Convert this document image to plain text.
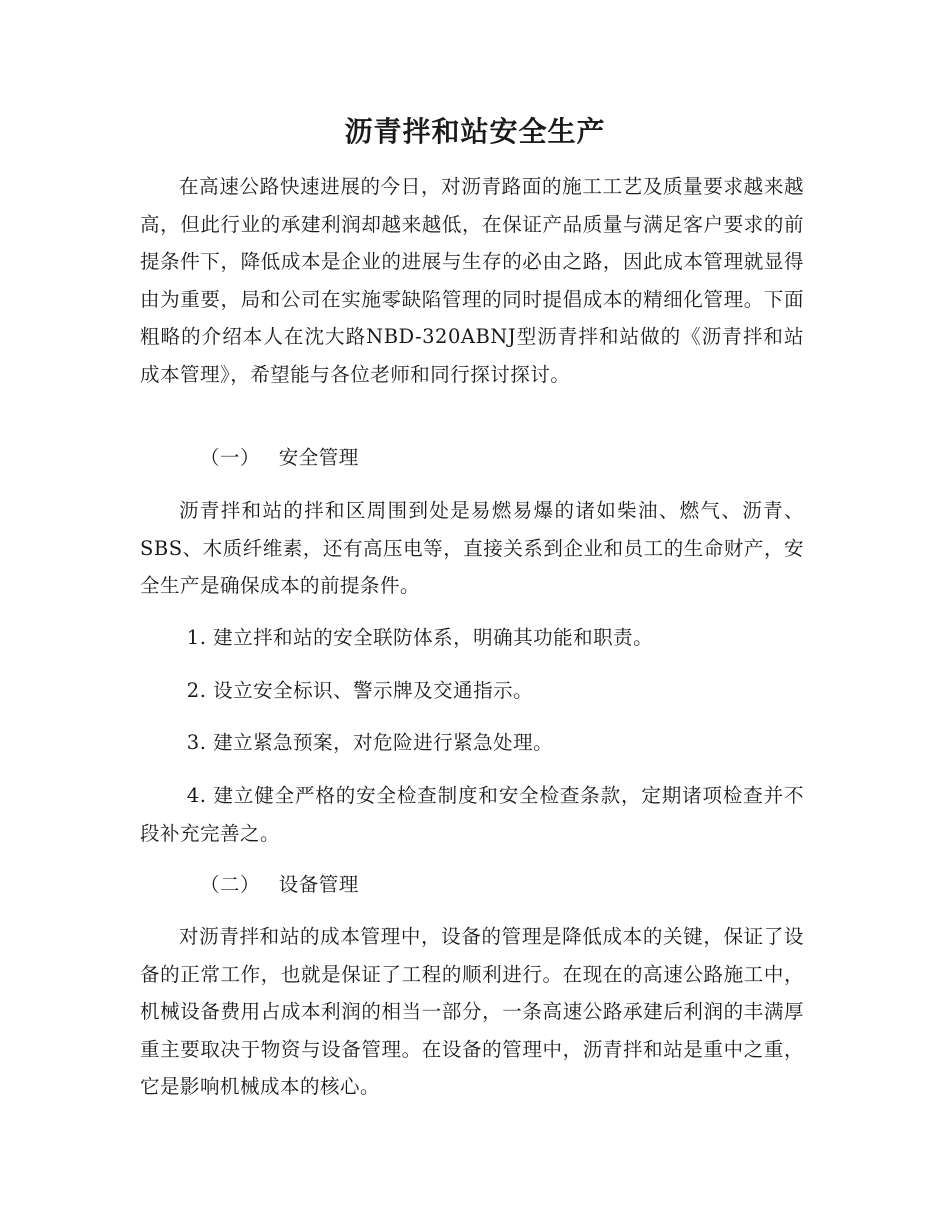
沥青拌和站安全生产

在高速公路快速进展的今日，对沥青路面的施工工艺及质量要求越来越高，但此行业的承建利润却越来越低，在保证产品质量与满足客户要求的前提条件下，降低成本是企业的进展与生存的必由之路，因此成本管理就显得由为重要，局和公司在实施零缺陷管理的同时提倡成本的精细化管理。下面粗略的介绍本人在沈大路NBD-320ABNJ型沥青拌和站做的《沥青拌和站成本管理》，希望能与各位老师和同行探讨探讨。

（一） 安全管理

沥青拌和站的拌和区周围到处是易燃易爆的诸如柴油、燃气、沥青、SBS、木质纤维素，还有高压电等，直接关系到企业和员工的生命财产，安全生产是确保成本的前提条件。

1. 建立拌和站的安全联防体系，明确其功能和职责。

2. 设立安全标识、警示牌及交通指示。

3. 建立紧急预案，对危险进行紧急处理。

4. 建立健全严格的安全检查制度和安全检查条款，定期诸项检查并不段补充完善之。

（二） 设备管理

对沥青拌和站的成本管理中，设备的管理是降低成本的关键，保证了设备的正常工作，也就是保证了工程的顺利进行。在现在的高速公路施工中，机械设备费用占成本利润的相当一部分，一条高速公路承建后利润的丰满厚重主要取决于物资与设备管理。在设备的管理中，沥青拌和站是重中之重，它是影响机械成本的核心。
